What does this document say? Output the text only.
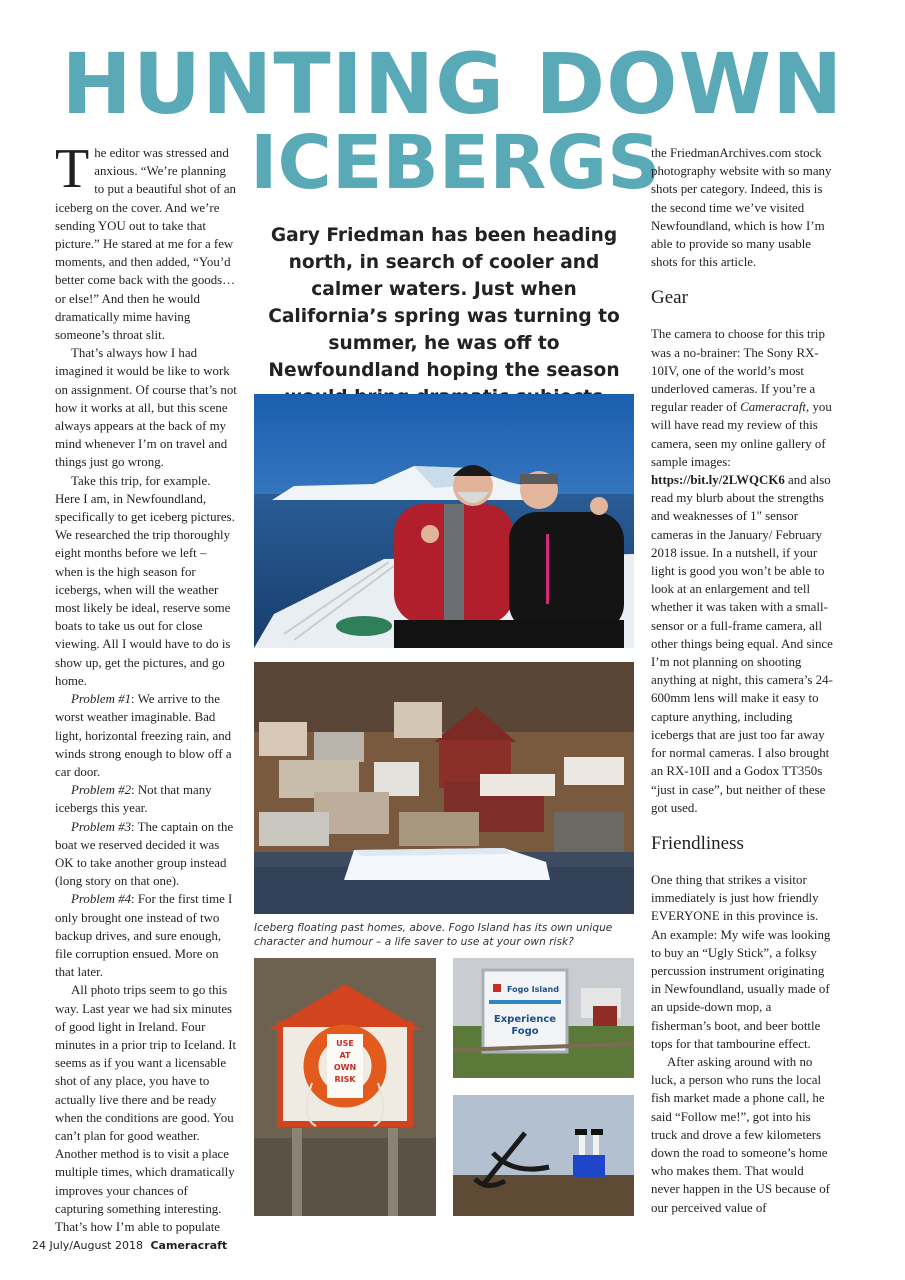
HUNTING DOWN
ICEBERGS
Gary Friedman has been heading north, in search of cooler and calmer waters. Just when California’s spring was turning to summer, he was off to Newfoundland hoping the season

The editor was stressed and anxious. “We’re planning to put a beautiful shot of an iceberg on the cover. And we’re sending YOU out to take that picture.” He stared at me for a few moments, and then added, “You’d better come back with the goods… or else!” And then he would dramatically mime having someone’s throat slit.

That’s always how I had imagined it would be like to work on assignment. Of course that’s not how it works at all, but this scene always appears at the back of my mind whenever I’m on travel and things just go wrong.

Take this trip, for example. Here I am, in Newfoundland, specifically to get iceberg pictures. We researched the trip thoroughly eight months before we left – when is the high season for icebergs, when will the weather most likely be ideal, reserve some boats to take us out for close viewing. All I would have to do is show up, get the pictures, and go home.

Problem #1: We arrive to the worst weather imaginable. Bad light, horizontal freezing rain, and winds strong enough to blow off a car door.

Problem #2: Not that many icebergs this year.

Problem #3: The captain on the boat we reserved decided it was OK to take another group instead (long story on that one).

Problem #4: For the first time I only brought one instead of two backup drives, and sure enough, file corruption ensued. More on that later.

All photo trips seem to go this way. Last year we had six minutes of good light in Ireland. Four minutes in a prior trip to Iceland. It seems as if you want a licensable shot of any place, you have to actually live there and be ready when the conditions are good. You can’t plan for good weather. Another method is to visit a place multiple times, which dramatically improves your chances of capturing something interesting. That’s how I’m able to populate

the FriedmanArchives.com stock photography website with so many shots per category. Indeed, this is the second time we’ve visited Newfoundland, which is how I’m able to provide so many usable shots for this article.

Gear

The camera to choose for this trip was a no-brainer: The Sony RX-10IV, one of the world’s most underloved cameras. If you’re a regular reader of Cameracraft, you will have read my review of this camera, seen my online gallery of sample images: https://bit.ly/2LWQCK6 and also read my blurb about the strengths and weaknesses of 1" sensor cameras in the January/ February 2018 issue. In a nutshell, if your light is good you won’t be able to look at an enlargement and tell whether it was taken with a small-sensor or a full-frame camera, all other things being equal. And since I’m not planning on shooting anything at night, this camera’s 24-600mm lens will make it easy to capture anything, including icebergs that are just too far away for normal cameras. I also brought an RX-10II and a Godox TT350s “just in case”, but neither of these got used.

Friendliness

One thing that strikes a visitor immediately is just how friendly EVERYONE in this province is. An example: My wife was looking to buy an “Ugly Stick”, a folksy percussion instrument originating in Newfoundland, usually made of an upside-down mop, a fisherman’s boot, and beer bottle tops for that tambourine effect.

After asking around with no luck, a person who runs the local fish market made a phone call, he said “Follow me!”, got into his truck and drove a few kilometers down the road to someone’s home who makes them. That would never happen in the US because of our perceived value of

Iceberg floating past homes, above. Fogo Island has its own unique character and humour – a life saver to use at your own risk?
USE
AT
OWN
RISK
Fogo Island
Experience
Fogo
24 July/August 2018 Cameracraft
